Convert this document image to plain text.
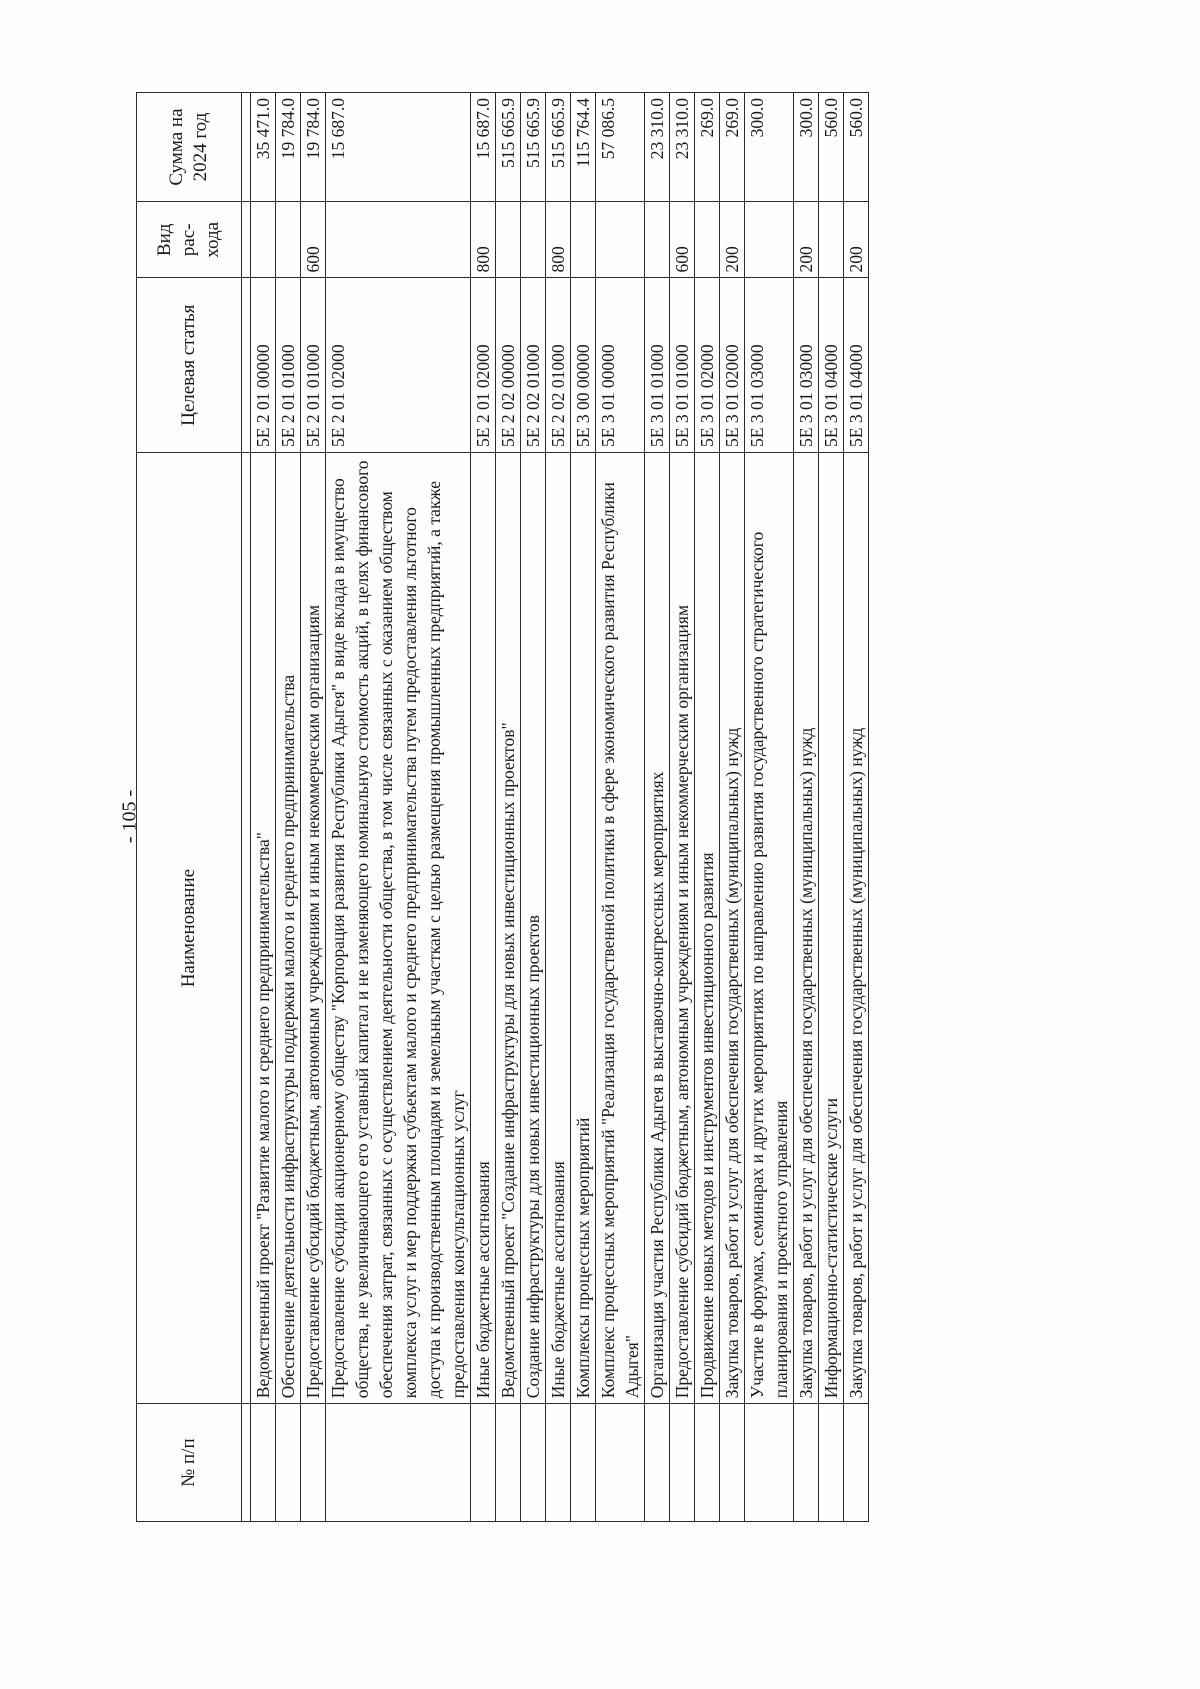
- 105 -
№ п/п	Наименование	Целевая статья	Вид рас-хода	Сумма на 2024 год

	Ведомственный проект "Развитие малого и среднего предпринимательства"	5Е 2 01 00000		35 471.0
	Обеспечение деятельности инфраструктуры поддержки малого и среднего предпринимательства	5Е 2 01 01000		19 784.0
	Предоставление субсидий бюджетным, автономным учреждениям и иным некоммерческим организациям	5Е 2 01 01000	600	19 784.0
	Предоставление субсидии акционерному обществу "Корпорация развития Республики Адыгея" в виде вклада в имущество общества, не увеличивающего его уставный капитал и не изменяющего номинальную стоимость акций, в целях финансового обеспечения затрат, связанных с осуществлением деятельности общества, в том числе связанных с оказанием обществом комплекса услуг и мер поддержки субъектам малого и среднего предпринимательства путем предоставления льготного доступа к производственным площадям и земельным участкам с целью размещения промышленных предприятий, а также предоставления консультационных услуг	5Е 2 01 02000		15 687.0
	Иные бюджетные ассигнования	5Е 2 01 02000	800	15 687.0
	Ведомственный проект "Создание инфраструктуры для новых инвестиционных проектов"	5Е 2 02 00000		515 665.9
	Создание инфраструктуры для новых инвестиционных проектов	5Е 2 02 01000		515 665.9
	Иные бюджетные ассигнования	5Е 2 02 01000	800	515 665.9
	Комплексы процессных мероприятий	5Е 3 00 00000		115 764.4
	Комплекс процессных мероприятий "Реализация государственной политики в сфере экономического развития Республики Адыгея"	5Е 3 01 00000		57 086.5
	Организация участия Республики Адыгея в выставочно-конгрессных мероприятиях	5Е 3 01 01000		23 310.0
	Предоставление субсидий бюджетным, автономным учреждениям и иным некоммерческим организациям	5Е 3 01 01000	600	23 310.0
	Продвижение новых методов и инструментов инвестиционного развития	5Е 3 01 02000		269.0
	Закупка товаров, работ и услуг для обеспечения государственных (муниципальных) нужд	5Е 3 01 02000	200	269.0
	Участие в форумах, семинарах и других мероприятиях по направлению развития государственного стратегического планирования и проектного управления	5Е 3 01 03000		300.0
	Закупка товаров, работ и услуг для обеспечения государственных (муниципальных) нужд	5Е 3 01 03000	200	300.0
	Информационно-статистические услуги	5Е 3 01 04000		560.0
	Закупка товаров, работ и услуг для обеспечения государственных (муниципальных) нужд	5Е 3 01 04000	200	560.0
